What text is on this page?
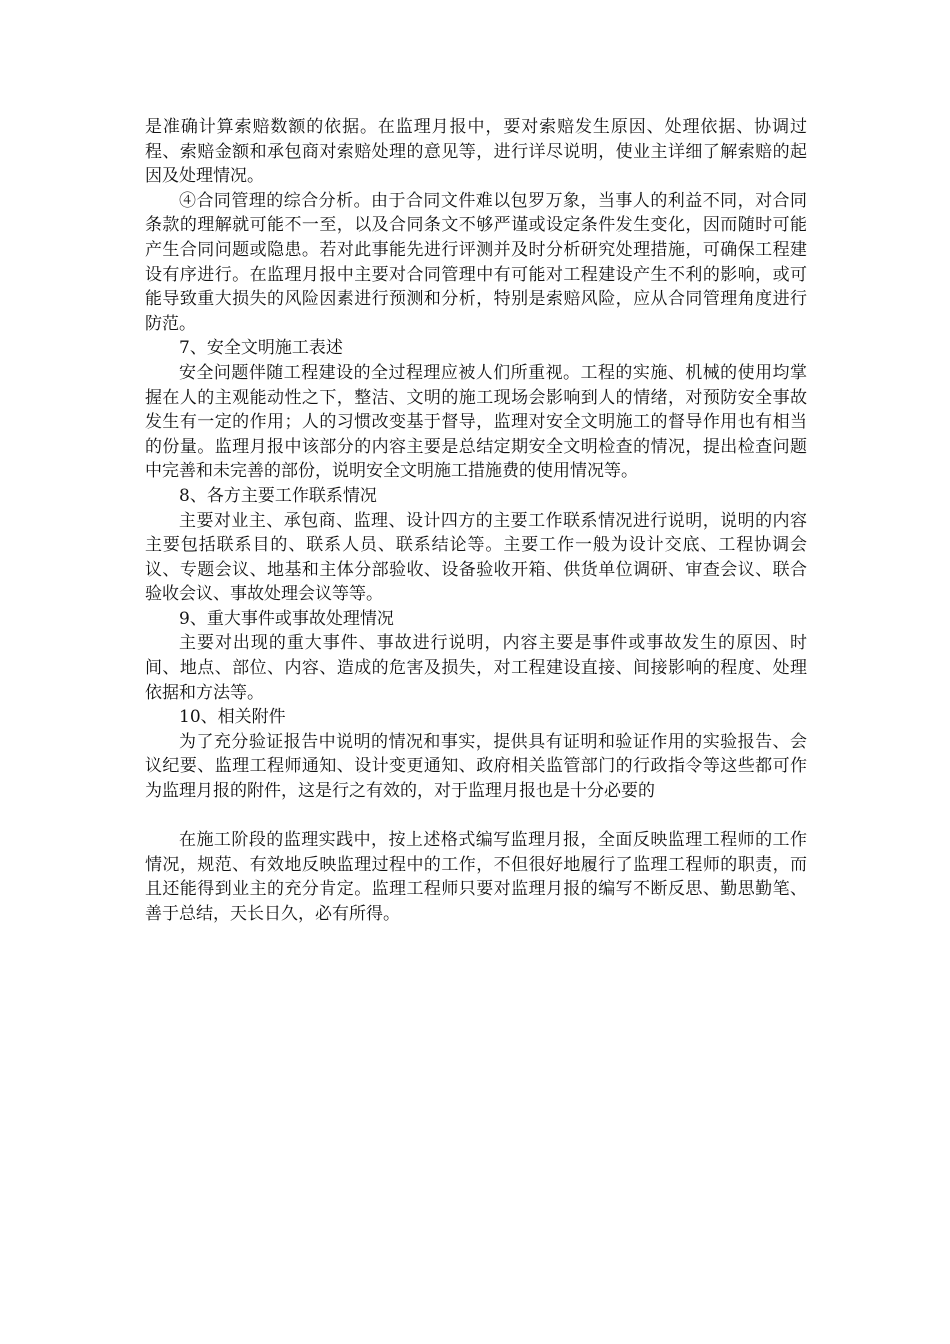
是准确计算索赔数额的依据。在监理月报中，要对索赔发生原因、处理依据、协调过程、索赔金额和承包商对索赔处理的意见等，进行详尽说明，使业主详细了解索赔的起因及处理情况。

④合同管理的综合分析。由于合同文件难以包罗万象，当事人的利益不同，对合同条款的理解就可能不一至，以及合同条文不够严谨或设定条件发生变化，因而随时可能产生合同问题或隐患。若对此事能先进行评测并及时分析研究处理措施，可确保工程建设有序进行。在监理月报中主要对合同管理中有可能对工程建设产生不利的影响，或可能导致重大损失的风险因素进行预测和分析，特别是索赔风险，应从合同管理角度进行防范。

7、安全文明施工表述

安全问题伴随工程建设的全过程理应被人们所重视。工程的实施、机械的使用均掌握在人的主观能动性之下，整洁、文明的施工现场会影响到人的情绪，对预防安全事故发生有一定的作用；人的习惯改变基于督导，监理对安全文明施工的督导作用也有相当的份量。监理月报中该部分的内容主要是总结定期安全文明检查的情况，提出检查问题中完善和未完善的部份，说明安全文明施工措施费的使用情况等。

8、各方主要工作联系情况

主要对业主、承包商、监理、设计四方的主要工作联系情况进行说明，说明的内容主要包括联系目的、联系人员、联系结论等。主要工作一般为设计交底、工程协调会议、专题会议、地基和主体分部验收、设备验收开箱、供货单位调研、审查会议、联合验收会议、事故处理会议等等。

9、重大事件或事故处理情况

主要对出现的重大事件、事故进行说明，内容主要是事件或事故发生的原因、时间、地点、部位、内容、造成的危害及损失，对工程建设直接、间接影响的程度、处理依据和方法等。

10、相关附件

为了充分验证报告中说明的情况和事实，提供具有证明和验证作用的实验报告、会议纪要、监理工程师通知、设计变更通知、政府相关监管部门的行政指令等这些都可作为监理月报的附件，这是行之有效的，对于监理月报也是十分必要的

在施工阶段的监理实践中，按上述格式编写监理月报，全面反映监理工程师的工作情况，规范、有效地反映监理过程中的工作，不但很好地履行了监理工程师的职责，而且还能得到业主的充分肯定。监理工程师只要对监理月报的编写不断反思、勤思勤笔、善于总结，天长日久，必有所得。
